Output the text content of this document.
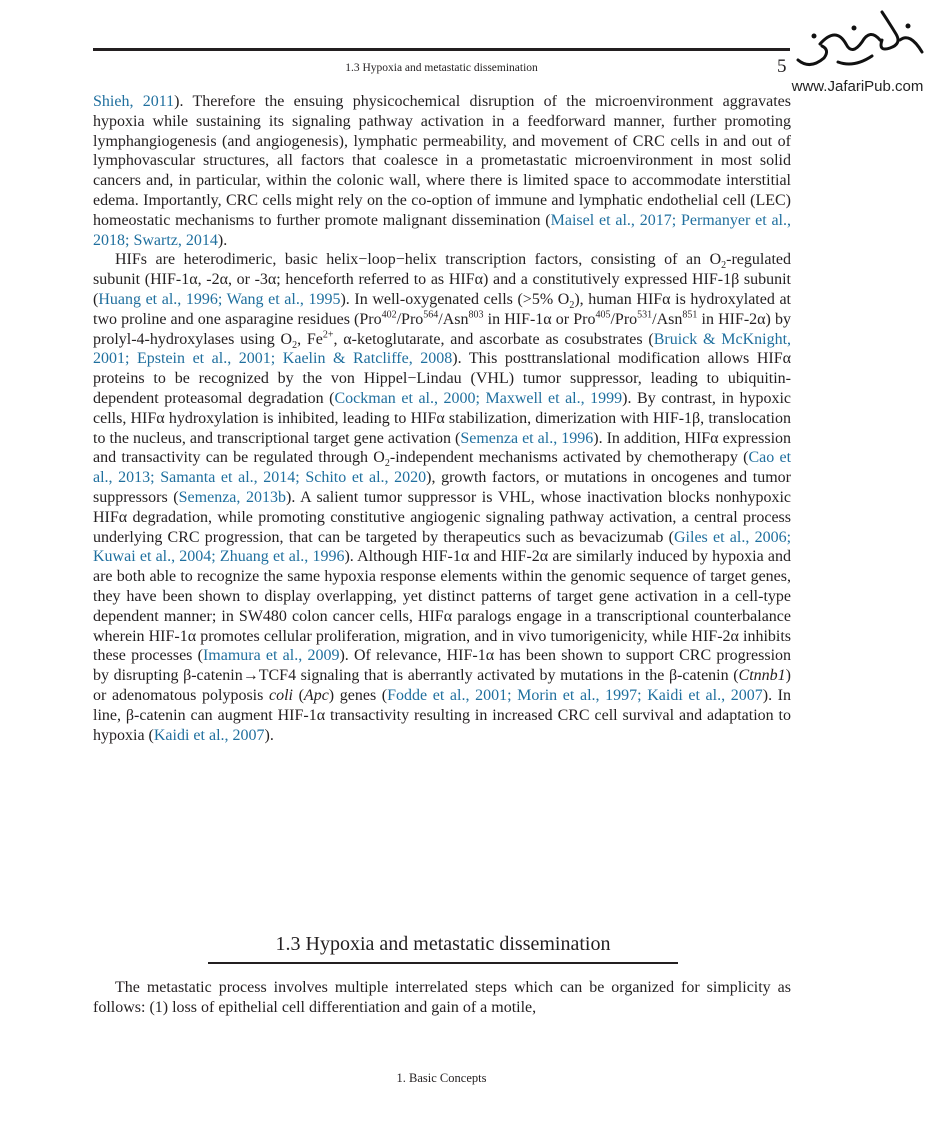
1.3 Hypoxia and metastatic dissemination	5
www.JafariPub.com

Shieh, 2011). Therefore the ensuing physicochemical disruption of the microenvironment aggravates hypoxia while sustaining its signaling pathway activation in a feedforward manner, further promoting lymphangiogenesis (and angiogenesis), lymphatic permeability, and movement of CRC cells in and out of lymphovascular structures, all factors that coalesce in a prometastatic microenvironment in most solid cancers and, in particular, within the colonic wall, where there is limited space to accommodate interstitial edema. Importantly, CRC cells might rely on the co-option of immune and lymphatic endothelial cell (LEC) homeostatic mechanisms to further promote malignant dissemination (Maisel et al., 2017; Permanyer et al., 2018; Swartz, 2014).

HIFs are heterodimeric, basic helix−loop−helix transcription factors, consisting of an $O_2$-regulated subunit (HIF-1α, -2α, or -3α; henceforth referred to as HIFα) and a constitutively expressed HIF-1β subunit (Huang et al., 1996; Wang et al., 1995). In well-oxygenated cells (>5% $O_2$), human HIFα is hydroxylated at two proline and one asparagine residues (Pro$^{402}$/Pro$^{564}$/Asn$^{803}$ in HIF-1α or Pro$^{405}$/Pro$^{531}$/Asn$^{851}$ in HIF-2α) by prolyl-4-hydroxylases using $O_2$, $Fe^{2+}$, α-ketoglutarate, and ascorbate as cosubstrates (Bruick & McKnight, 2001; Epstein et al., 2001; Kaelin & Ratcliffe, 2008). This posttranslational modification allows HIFα proteins to be recognized by the von Hippel−Lindau (VHL) tumor suppressor, leading to ubiquitin-dependent proteasomal degradation (Cockman et al., 2000; Maxwell et al., 1999). By contrast, in hypoxic cells, HIFα hydroxylation is inhibited, leading to HIFα stabilization, dimerization with HIF-1β, translocation to the nucleus, and transcriptional target gene activation (Semenza et al., 1996). In addition, HIFα expression and transactivity can be regulated through $O_2$-independent mechanisms activated by chemotherapy (Cao et al., 2013; Samanta et al., 2014; Schito et al., 2020), growth factors, or mutations in oncogenes and tumor suppressors (Semenza, 2013b). A salient tumor suppressor is VHL, whose inactivation blocks nonhypoxic HIFα degradation, while promoting constitutive angiogenic signaling pathway activation, a central process underlying CRC progression, that can be targeted by therapeutics such as bevacizumab (Giles et al., 2006; Kuwai et al., 2004; Zhuang et al., 1996). Although HIF-1α and HIF-2α are similarly induced by hypoxia and are both able to recognize the same hypoxia response elements within the genomic sequence of target genes, they have been shown to display overlapping, yet distinct patterns of target gene activation in a cell-type dependent manner; in SW480 colon cancer cells, HIFα paralogs engage in a transcriptional counterbalance wherein HIF-1α promotes cellular proliferation, migration, and in vivo tumorigenicity, while HIF-2α inhibits these processes (Imamura et al., 2009). Of relevance, HIF-1α has been shown to support CRC progression by disrupting β-catenin→TCF4 signaling that is aberrantly activated by mutations in the β-catenin (Ctnnb1) or adenomatous polyposis coli (Apc) genes (Fodde et al., 2001; Morin et al., 1997; Kaidi et al., 2007). In line, β-catenin can augment HIF-1α transactivity resulting in increased CRC cell survival and adaptation to hypoxia (Kaidi et al., 2007).

1.3 Hypoxia and metastatic dissemination

The metastatic process involves multiple interrelated steps which can be organized for simplicity as follows: (1) loss of epithelial cell differentiation and gain of a motile,

1. Basic Concepts
